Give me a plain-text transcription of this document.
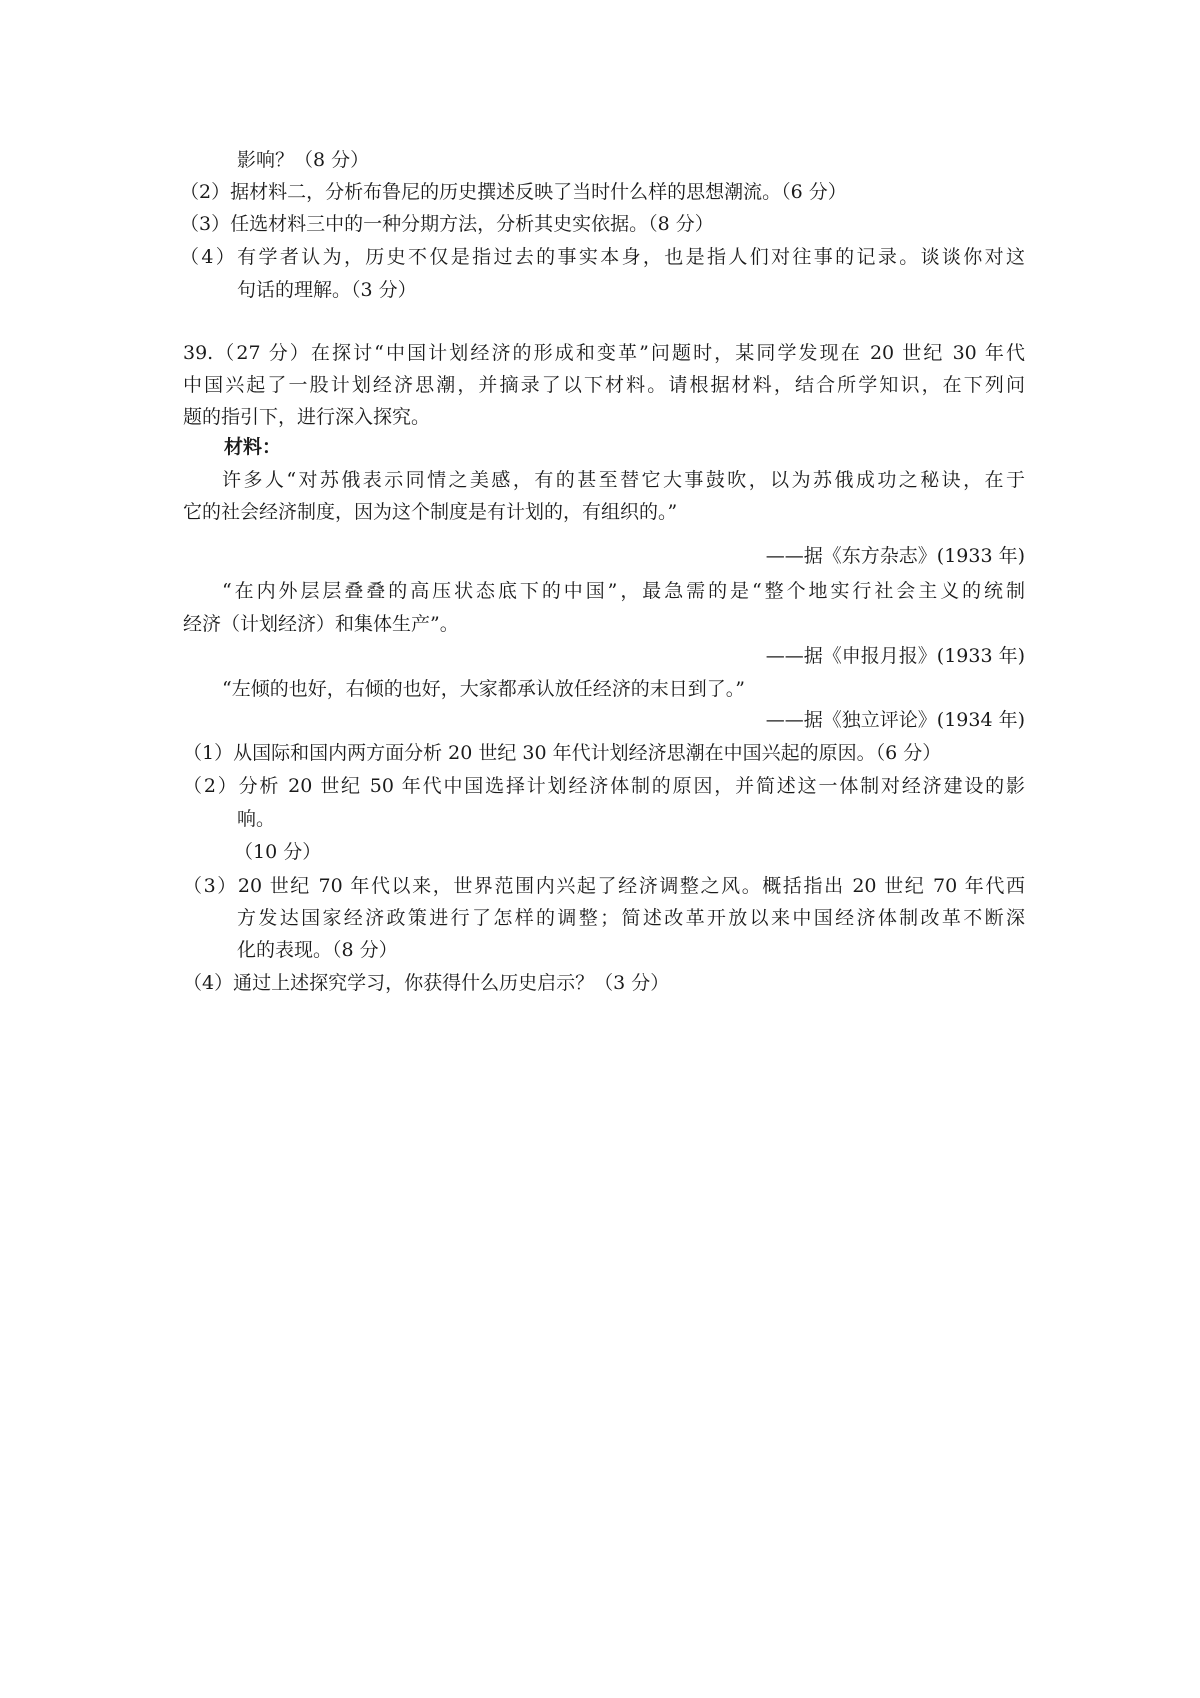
影响？（8 分）
（2）据材料二，分析布鲁尼的历史撰述反映了当时什么样的思想潮流。（6 分）
（3）任选材料三中的一种分期方法，分析其史实依据。（8 分）
（4）有学者认为，历史不仅是指过去的事实本身，也是指人们对往事的记录。谈谈你对这
句话的理解。（3 分）
39.（27 分）在探讨“中国计划经济的形成和变革”问题时，某同学发现在 20 世纪 30 年代
中国兴起了一股计划经济思潮，并摘录了以下材料。请根据材料，结合所学知识，在下列问
题的指引下，进行深入探究。
材料：
许多人“对苏俄表示同情之美感，有的甚至替它大事鼓吹，以为苏俄成功之秘诀，在于
它的社会经济制度，因为这个制度是有计划的，有组织的。”
——据《东方杂志》(1933 年)
“在内外层层叠叠的高压状态底下的中国”，最急需的是“整个地实行社会主义的统制
经济（计划经济）和集体生产”。
——据《申报月报》(1933 年)
“左倾的也好，右倾的也好，大家都承认放任经济的末日到了。”
——据《独立评论》(1934 年)
（1）从国际和国内两方面分析 20 世纪 30 年代计划经济思潮在中国兴起的原因。（6 分）
（2）分析 20 世纪 50 年代中国选择计划经济体制的原因，并简述这一体制对经济建设的影
响。
（10 分）
（3）20 世纪 70 年代以来，世界范围内兴起了经济调整之风。概括指出 20 世纪 70 年代西
方发达国家经济政策进行了怎样的调整；简述改革开放以来中国经济体制改革不断深
化的表现。（8 分）
（4）通过上述探究学习，你获得什么历史启示？（3 分）
